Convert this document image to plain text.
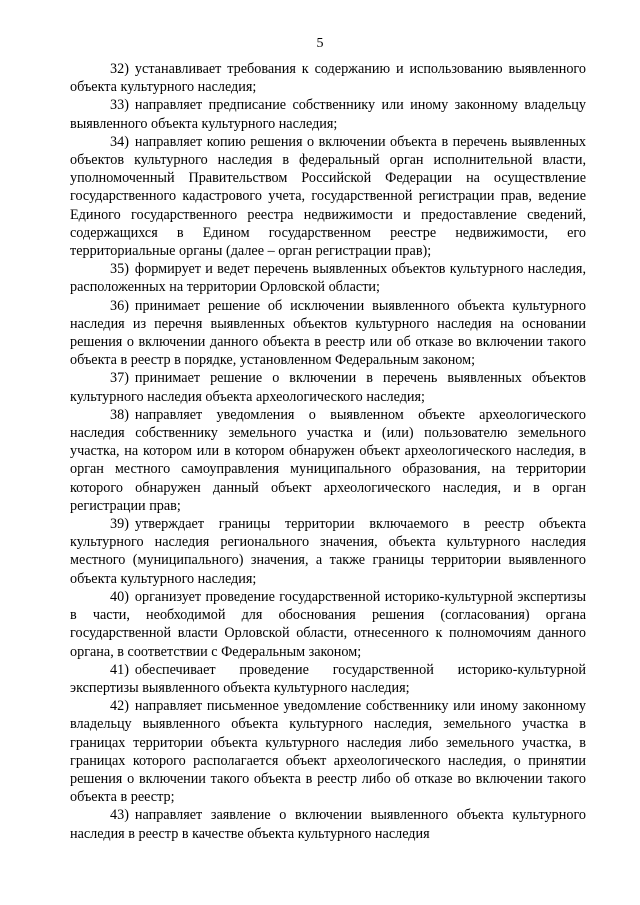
5

32) устанавливает требования к содержанию и использованию выявленного объекта культурного наследия;

33) направляет предписание собственнику или иному законному владельцу выявленного объекта культурного наследия;

34) направляет копию решения о включении объекта в перечень выявленных объектов культурного наследия в федеральный орган исполнительной власти, уполномоченный Правительством Российской Федерации на осуществление государственного кадастрового учета, государственной регистрации прав, ведение Единого государственного реестра недвижимости и предоставление сведений, содержащихся в Едином государственном реестре недвижимости, его территориальные органы (далее – орган регистрации прав);

35) формирует и ведет перечень выявленных объектов культурного наследия, расположенных на территории Орловской области;

36) принимает решение об исключении выявленного объекта культурного наследия из перечня выявленных объектов культурного наследия на основании решения о включении данного объекта в реестр или об отказе во включении такого объекта в реестр в порядке, установленном Федеральным законом;

37) принимает решение о включении в перечень выявленных объектов культурного наследия объекта археологического наследия;

38) направляет уведомления о выявленном объекте археологического наследия собственнику земельного участка и (или) пользователю земельного участка, на котором или в котором обнаружен объект археологического наследия, в орган местного самоуправления муниципального образования, на территории которого обнаружен данный объект археологического наследия, и в орган регистрации прав;

39) утверждает границы территории включаемого в реестр объекта культурного наследия регионального значения, объекта культурного наследия местного (муниципального) значения, а также границы территории выявленного объекта культурного наследия;

40) организует проведение государственной историко-культурной экспертизы в части, необходимой для обоснования решения (согласования) органа государственной власти Орловской области, отнесенного к полномочиям данного органа, в соответствии с Федеральным законом;

41) обеспечивает проведение государственной историко-культурной экспертизы выявленного объекта культурного наследия;

42) направляет письменное уведомление собственнику или иному законному владельцу выявленного объекта культурного наследия, земельного участка в границах территории объекта культурного наследия либо земельного участка, в границах которого располагается объект археологического наследия, о принятии решения о включении такого объекта в реестр либо об отказе во включении такого объекта в реестр;

43) направляет заявление о включении выявленного объекта культурного наследия в реестр в качестве объекта культурного наследия
